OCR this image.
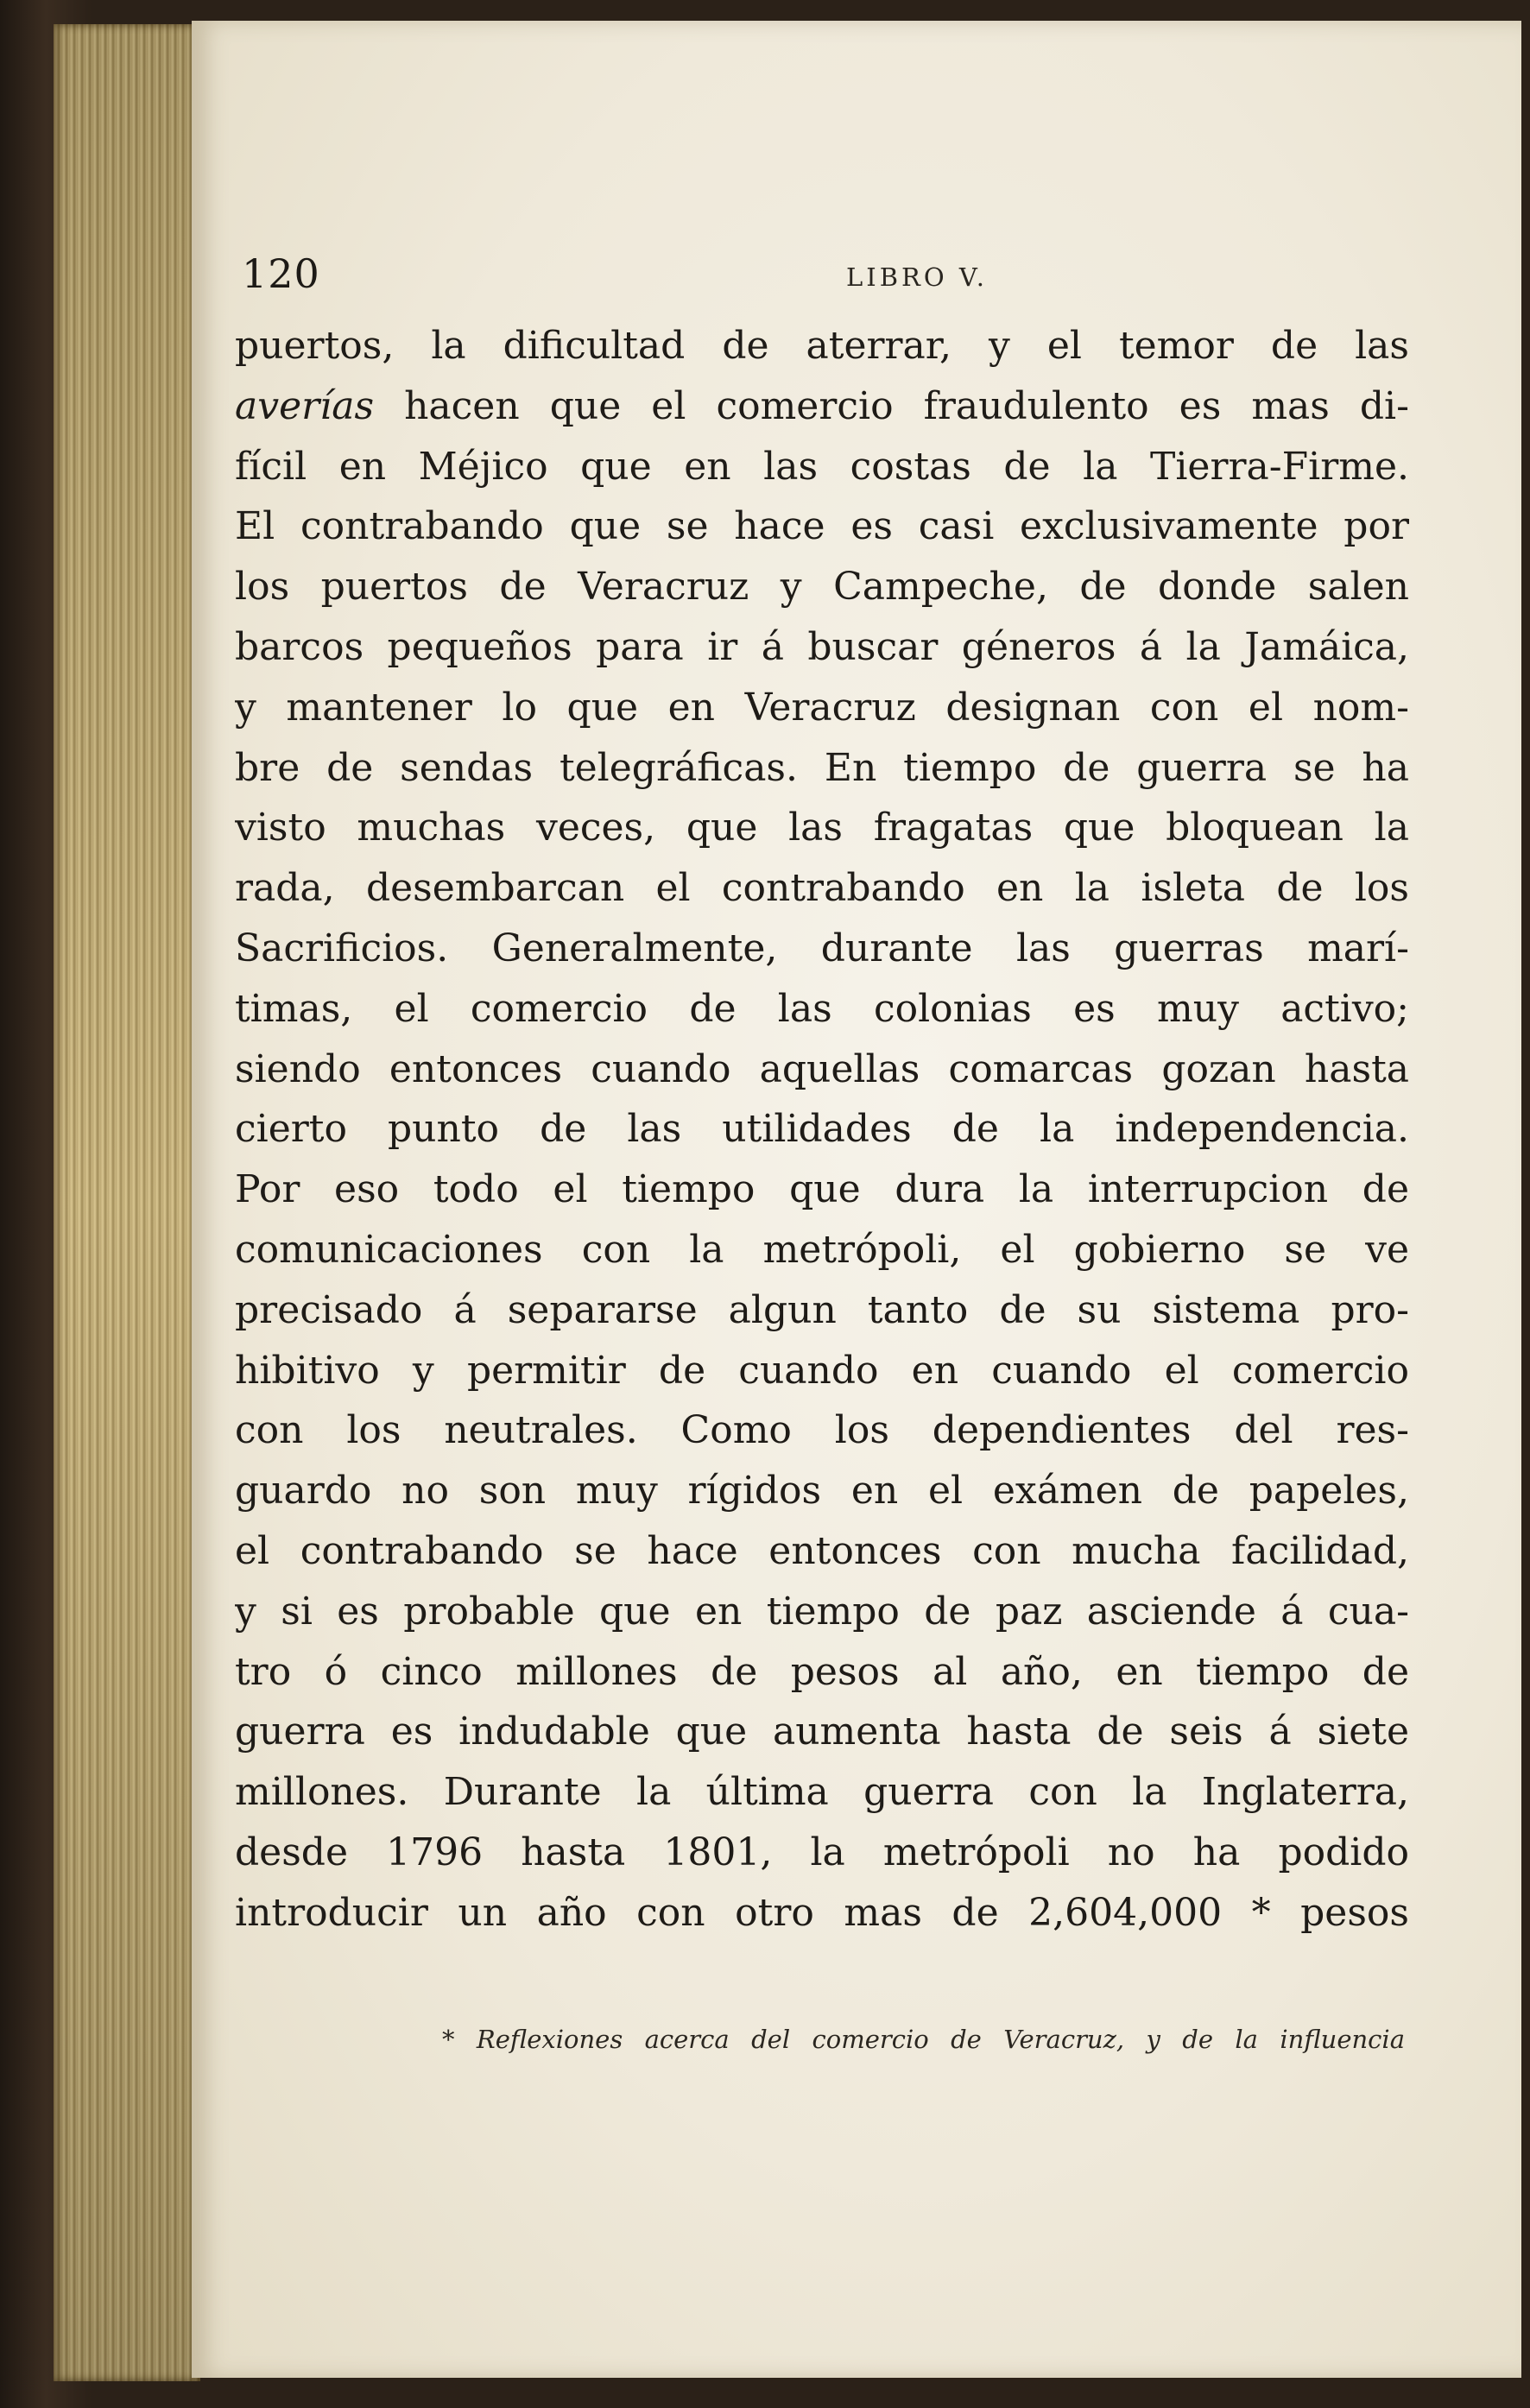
120	LIBRO V.
puertos, la dificultad de aterrar, y el temor de las
averías hacen que el comercio fraudulento es mas di-
fícil en Méjico que en las costas de la Tierra-Firme.
El contrabando que se hace es casi exclusivamente por
los puertos de Veracruz y Campeche, de donde salen
barcos pequeños para ir á buscar géneros á la Jamáica,
y mantener lo que en Veracruz designan con el nom-
bre de sendas telegráficas. En tiempo de guerra se ha
visto muchas veces, que las fragatas que bloquean la
rada, desembarcan el contrabando en la isleta de los
Sacrificios. Generalmente, durante las guerras marí-
timas, el comercio de las colonias es muy activo;
siendo entonces cuando aquellas comarcas gozan hasta
cierto punto de las utilidades de la independencia.
Por eso todo el tiempo que dura la interrupcion de
comunicaciones con la metrópoli, el gobierno se ve
precisado á separarse algun tanto de su sistema pro-
hibitivo y permitir de cuando en cuando el comercio
con los neutrales. Como los dependientes del res-
guardo no son muy rígidos en el exámen de papeles,
el contrabando se hace entonces con mucha facilidad,
y si es probable que en tiempo de paz asciende á cua-
tro ó cinco millones de pesos al año, en tiempo de
guerra es indudable que aumenta hasta de seis á siete
millones. Durante la última guerra con la Inglaterra,
desde 1796 hasta 1801, la metrópoli no ha podido
introducir un año con otro mas de 2,604,000 * pesos
* Reflexiones acerca del comercio de Veracruz, y de la influencia
